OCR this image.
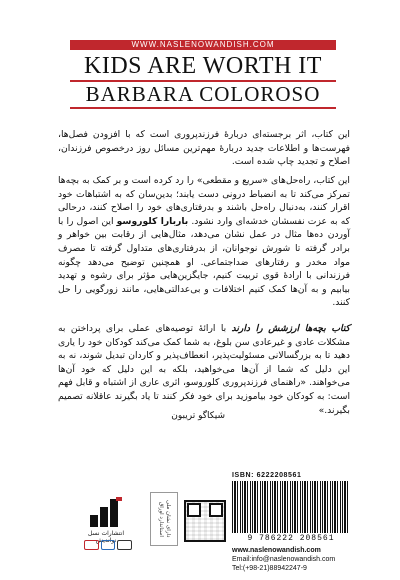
WWW.NASLENOWANDISH.COM
KIDS ARE WORTH IT
BARBARA COLOROSO
این کتاب، اثر برجسته‌ای دربارهٔ فرزندپروری است که با افزودن فصل‌ها، فهرست‌ها و اطلاعات جدید دربارهٔ مهم‌ترین مسائل روز درخصوص فرزندان، اصلاح و تجدید چاپ شده است.
این کتاب، راه‌حل‌های «سریع و مقطعی» را رد کرده است و بر کمک به بچه‌ها تمرکز می‌کند تا به انضباط درونی دست یابند؛ بدین‌سان که به اشتباهات خود اقرار کنند، به‌دنبال راه‌حل باشند و بدرفتاری‌های خود را اصلاح کنند، درحالی که به عزت نفسشان خدشه‌ای وارد نشود. باربارا کلوروسو این اصول را با آوردن ده‌ها مثال در عمل نشان می‌دهد، مثال‌هایی از رقابت بین خواهر و برادر گرفته تا شورش نوجوانان، از بدرفتاری‌های متداول گرفته تا مصرف مواد مخدر و رفتارهای ضداجتماعی. او همچنین توضیح می‌دهد چگونه فرزندانی با ارادهٔ قوی تربیت کنیم، جایگزین‌هایی مؤثر برای رشوه و تهدید بیابیم و به آن‌ها کمک کنیم اختلافات و بی‌عدالتی‌هایی، مانند زورگویی را حل کنند.
کتاب بچه‌ها ارزشش را دارند با ارائهٔ توصیه‌های عملی برای پرداختن به مشکلات عادی و غیرعادی سن بلوغ، به شما کمک می‌کند کودکان خود را یاری دهید تا به بزرگسالانی مسئولیت‌پذیر، انعطاف‌پذیر و کاردان تبدیل شوند، نه به این دلیل که شما از آن‌ها می‌خواهید، بلکه به این دلیل که خود آن‌ها می‌خواهند. «راهنمای فرزندپروری کلوروسو، اثری عاری از اشتباه و قابل فهم است: به کودکان خود بیاموزید برای خود فکر کنند تا یاد بگیرند عاقلانه تصمیم بگیرند.»
شیکاگو تریبون
انتشارات نسل نواندیش
دارای نشان ملی استاندارد اوراق
ISBN: 6222208561
9 786222 208561
www.naslenowandish.com
Email:info@naslenowandish.com
Tel:(+98-21)88942247-9
